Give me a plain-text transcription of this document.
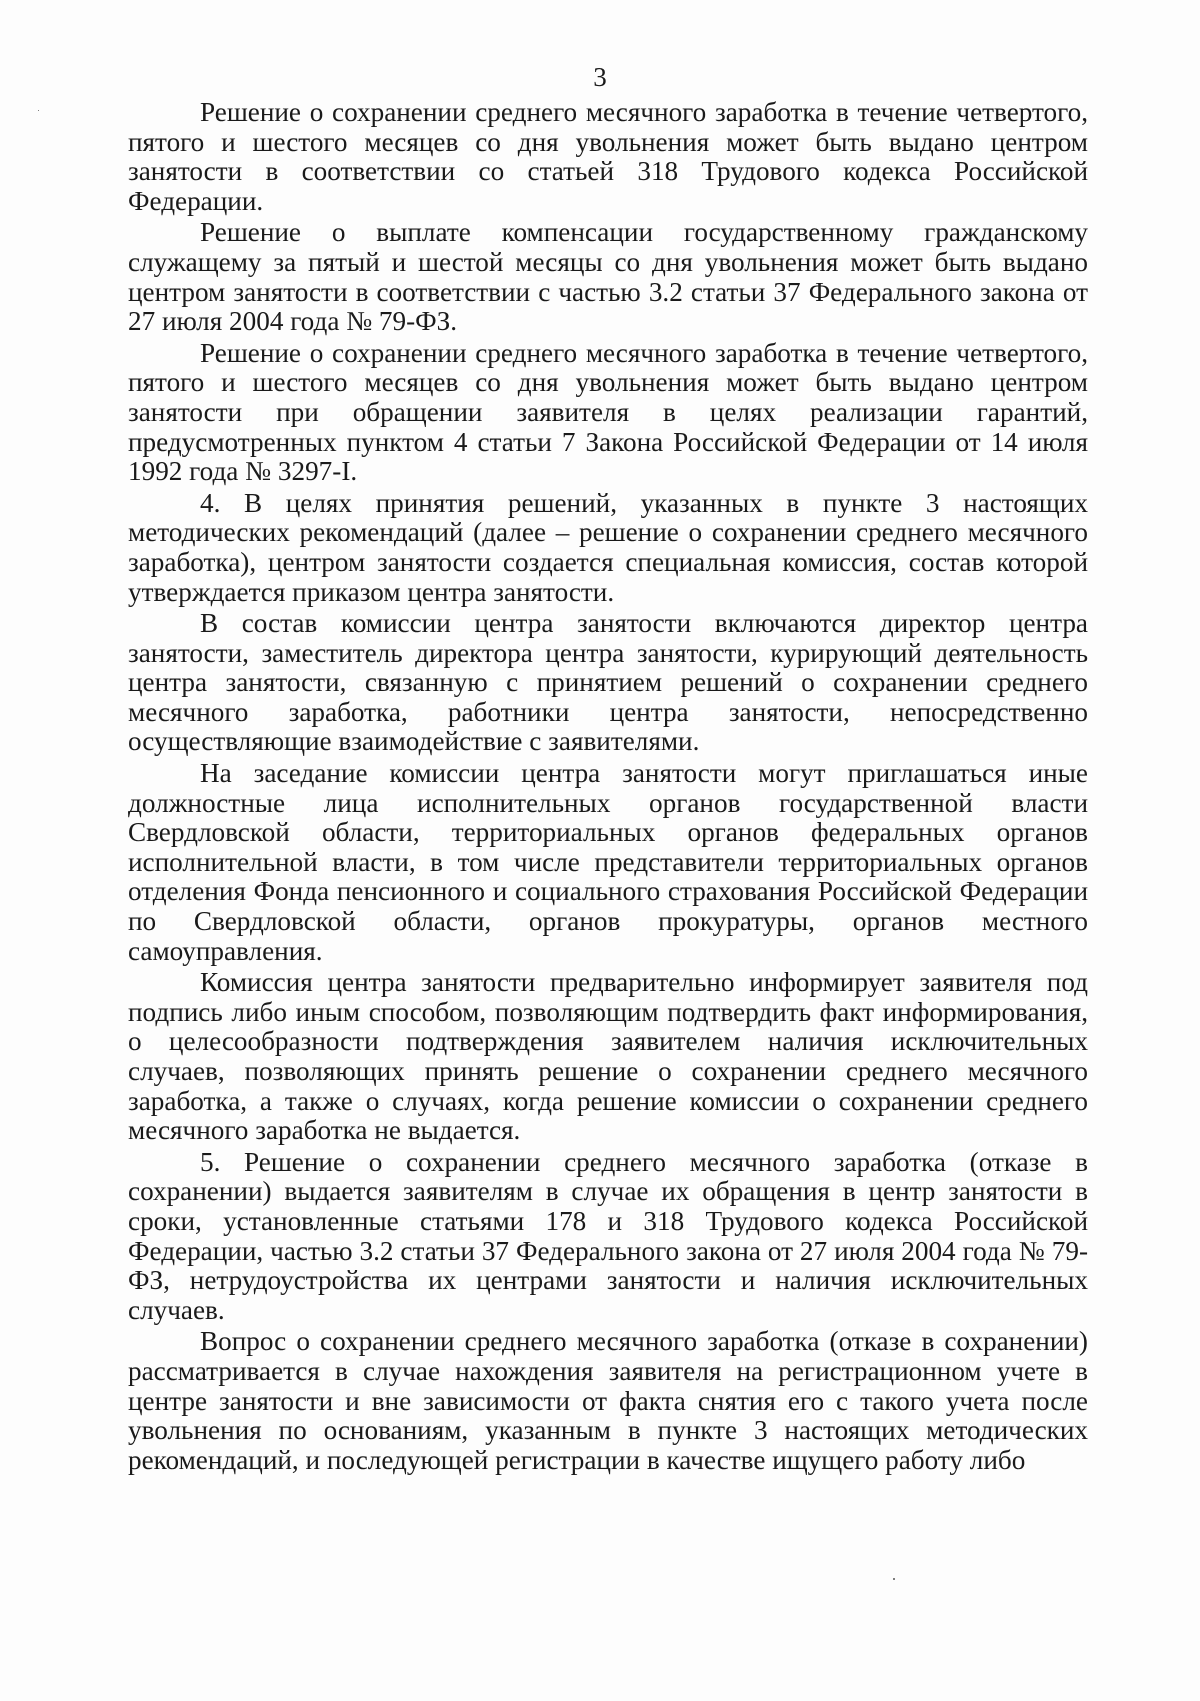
3

Решение о сохранении среднего месячного заработка в течение четвертого, пятого и шестого месяцев со дня увольнения может быть выдано центром занятости в соответствии со статьей 318 Трудового кодекса Российской Федерации.

Решение о выплате компенсации государственному гражданскому служащему за пятый и шестой месяцы со дня увольнения может быть выдано центром занятости в соответствии с частью 3.2 статьи 37 Федерального закона от 27 июля 2004 года № 79-ФЗ.

Решение о сохранении среднего месячного заработка в течение четвертого, пятого и шестого месяцев со дня увольнения может быть выдано центром занятости при обращении заявителя в целях реализации гарантий, предусмотренных пунктом 4 статьи 7 Закона Российской Федерации от 14 июля 1992 года № 3297-I.

4. В целях принятия решений, указанных в пункте 3 настоящих методических рекомендаций (далее – решение о сохранении среднего месячного заработка), центром занятости создается специальная комиссия, состав которой утверждается приказом центра занятости.

В состав комиссии центра занятости включаются директор центра занятости, заместитель директора центра занятости, курирующий деятельность центра занятости, связанную с принятием решений о сохранении среднего месячного заработка, работники центра занятости, непосредственно осуществляющие взаимодействие с заявителями.

На заседание комиссии центра занятости могут приглашаться иные должностные лица исполнительных органов государственной власти Свердловской области, территориальных органов федеральных органов исполнительной власти, в том числе представители территориальных органов отделения Фонда пенсионного и социального страхования Российской Федерации по Свердловской области, органов прокуратуры, органов местного самоуправления.

Комиссия центра занятости предварительно информирует заявителя под подпись либо иным способом, позволяющим подтвердить факт информирования, о целесообразности подтверждения заявителем наличия исключительных случаев, позволяющих принять решение о сохранении среднего месячного заработка, а также о случаях, когда решение комиссии о сохранении среднего месячного заработка не выдается.

5. Решение о сохранении среднего месячного заработка (отказе в сохранении) выдается заявителям в случае их обращения в центр занятости в сроки, установленные статьями 178 и 318 Трудового кодекса Российской Федерации, частью 3.2 статьи 37 Федерального закона от 27 июля 2004 года № 79-ФЗ, нетрудоустройства их центрами занятости и наличия исключительных случаев.

Вопрос о сохранении среднего месячного заработка (отказе в сохранении) рассматривается в случае нахождения заявителя на регистрационном учете в центре занятости и вне зависимости от факта снятия его с такого учета после увольнения по основаниям, указанным в пункте 3 настоящих методических рекомендаций, и последующей регистрации в качестве ищущего работу либо
